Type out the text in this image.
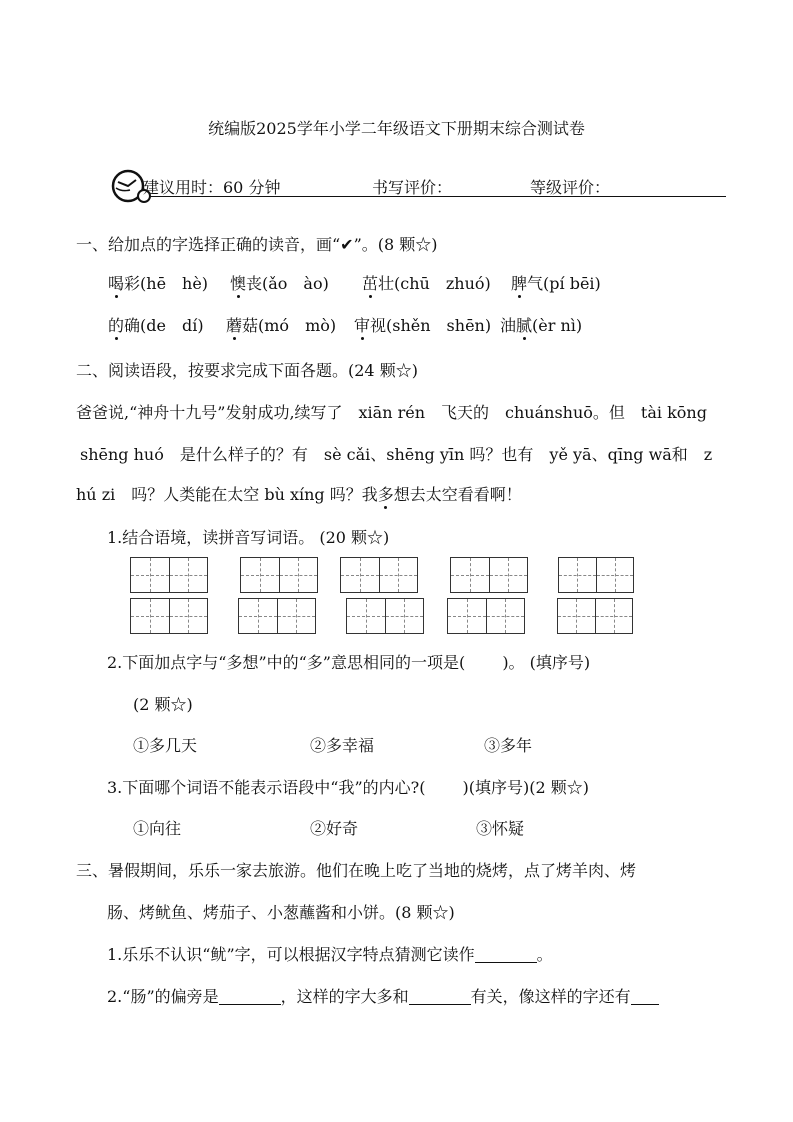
统编版2025学年小学二年级语文下册期末综合测试卷
建议用时：60 分钟	书写评价：	等级评价：
一、给加点的字选择正确的读音，画“✔”。(8 颗☆)
喝彩(hē　hè) 懊丧(ǎo　ào) 茁壮(chū　zhuó) 脾气(pí bēi)
的确(de　dí) 蘑菇(mó　mò) 审视(shěn　shēn) 油腻(èr nì)
二、阅读语段，按要求完成下面各题。(24 颗☆)
爸爸说,“神舟十九号”发射成功,续写了　xiān rén　飞天的　chuánshuō。但　tài kōng
shēng huó　是什么样子的？有　sè cǎi、shēng yīn 吗？也有　yě yā、qīng wā和　z
hú zi　吗？人类能在太空 bù xíng 吗？我多想去太空看看啊！
1.结合语境，读拼音写词语。 (20 颗☆)
2.下面加点字与“多想”中的“多”意思相同的一项是(　　 )。 (填序号)
(2 颗☆)
①多几天	②多幸福	③多年
3.下面哪个词语不能表示语段中“我”的内心?(　　 )(填序号)(2 颗☆)
①向往	②好奇	③怀疑
三、暑假期间，乐乐一家去旅游。他们在晚上吃了当地的烧烤，点了烤羊肉、烤
肠、烤鱿鱼、烤茄子、小葱蘸酱和小饼。(8 颗☆)
1.乐乐不认识“鱿”字，可以根据汉字特点猜测它读作	。
2.“肠”的偏旁是	，这样的字大多和	有关，像这样的字还有
